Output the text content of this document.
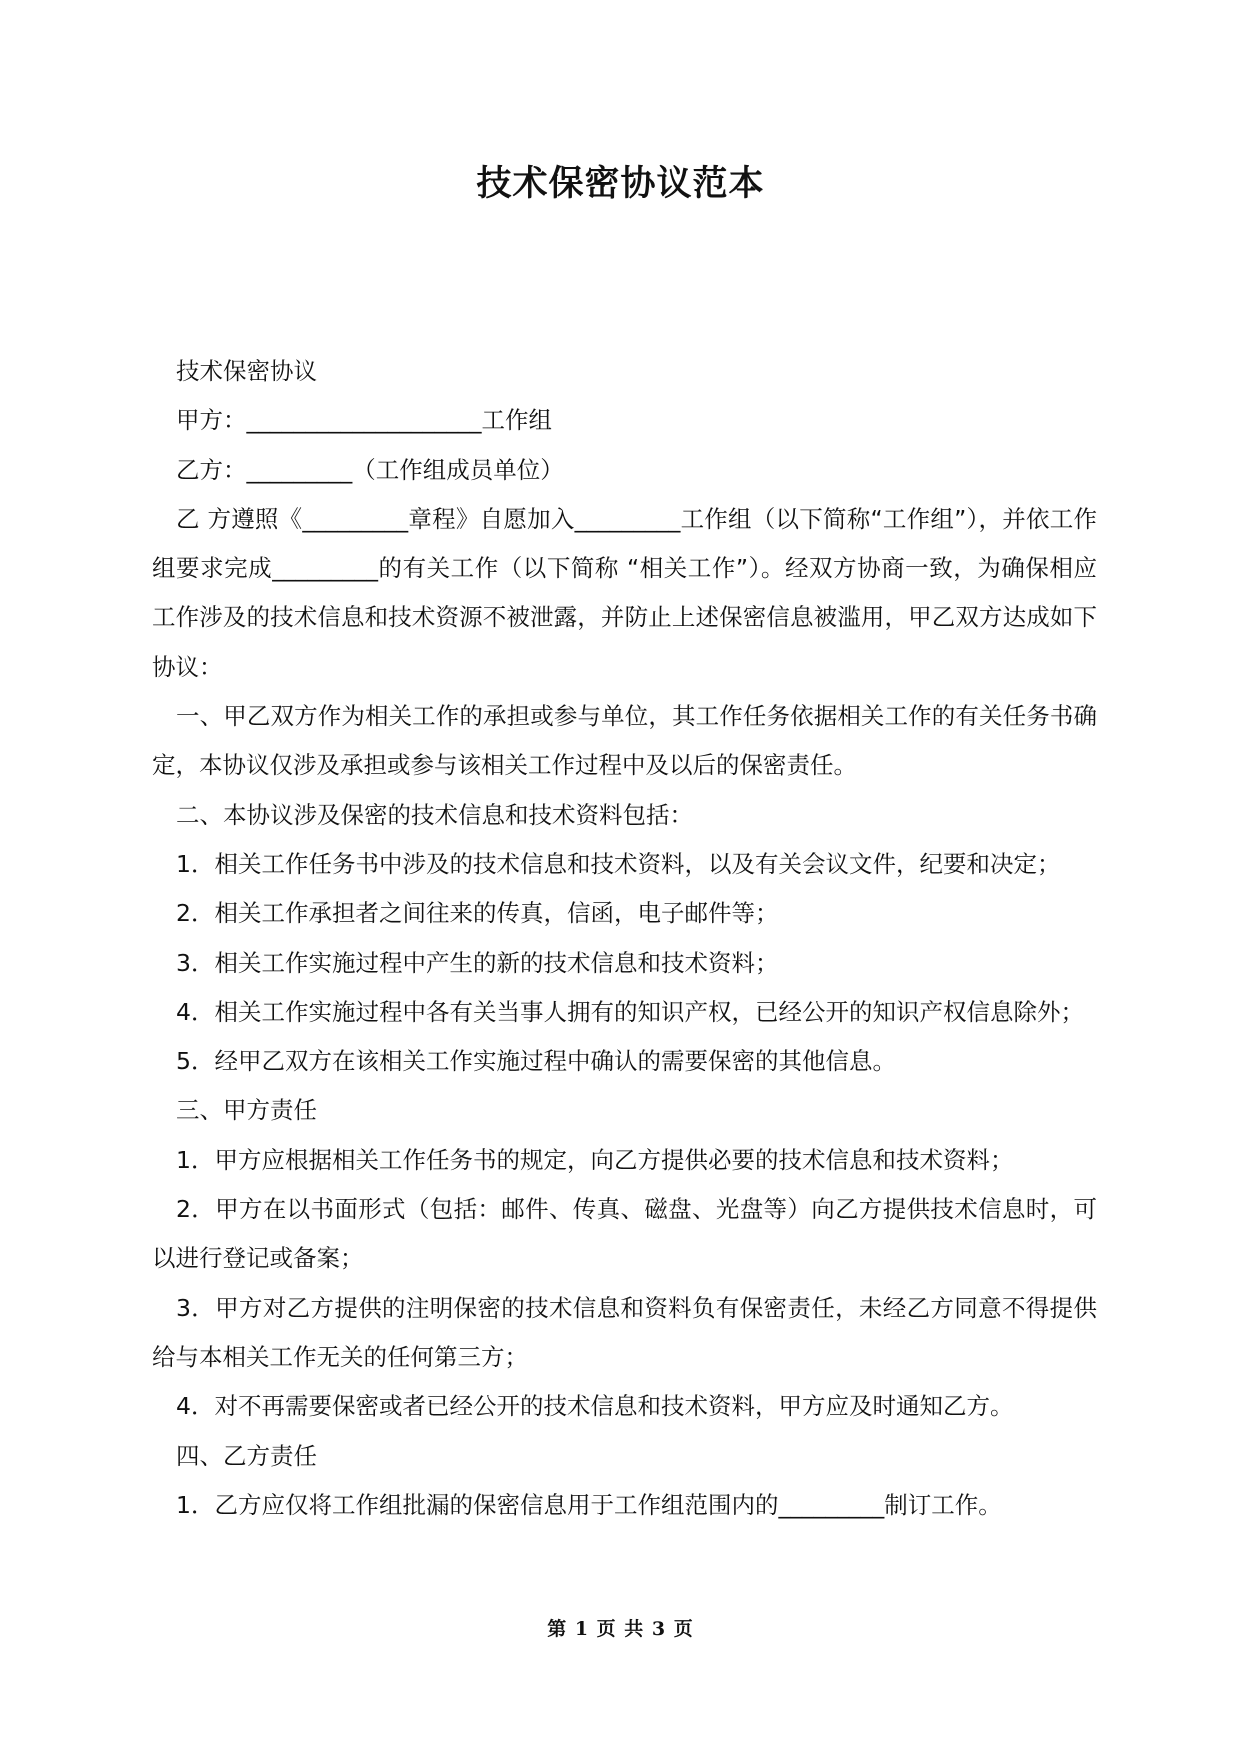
技术保密协议范本

技术保密协议

甲方：____________________工作组

乙方：_________（工作组成员单位）

乙 方遵照《_________章程》自愿加入_________工作组（以下简称“工作组”），并依工作组要求完成_________的有关工作（以下简称 “相关工作”）。经双方协商一致，为确保相应工作涉及的技术信息和技术资源不被泄露，并防止上述保密信息被滥用，甲乙双方达成如下协议：

一、甲乙双方作为相关工作的承担或参与单位，其工作任务依据相关工作的有关任务书确定，本协议仅涉及承担或参与该相关工作过程中及以后的保密责任。

二、本协议涉及保密的技术信息和技术资料包括：

1．相关工作任务书中涉及的技术信息和技术资料，以及有关会议文件，纪要和决定；

2．相关工作承担者之间往来的传真，信函，电子邮件等；

3．相关工作实施过程中产生的新的技术信息和技术资料；

4．相关工作实施过程中各有关当事人拥有的知识产权，已经公开的知识产权信息除外；

5．经甲乙双方在该相关工作实施过程中确认的需要保密的其他信息。

三、甲方责任

1．甲方应根据相关工作任务书的规定，向乙方提供必要的技术信息和技术资料；

2．甲方在以书面形式（包括：邮件、传真、磁盘、光盘等）向乙方提供技术信息时，可以进行登记或备案；

3．甲方对乙方提供的注明保密的技术信息和资料负有保密责任，未经乙方同意不得提供给与本相关工作无关的任何第三方；

4．对不再需要保密或者已经公开的技术信息和技术资料，甲方应及时通知乙方。

四、乙方责任

1．乙方应仅将工作组批漏的保密信息用于工作组范围内的_________制订工作。

第 1 页 共 3 页
